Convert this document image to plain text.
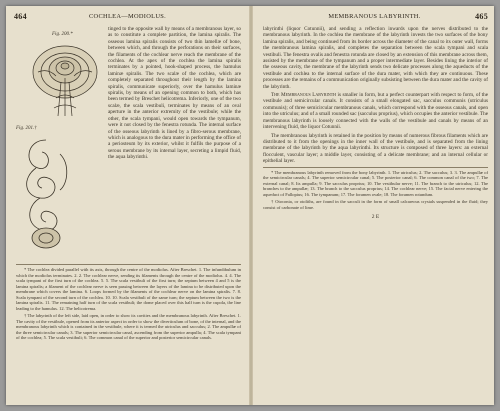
464	COCHLEA—MODIOLUS.
Fig. 200.*
Fig. 201.†

tinged to the opposite wall by means of a membranous layer, so as to constitute a complete partition, the lamina spiralis. The osseous lamina spiralis consists of two thin lamellæ of bone, between which, and through the perforations on their surfaces, the filaments of the cochlear nerve reach the membrane of the cochlea. At the apex of the cochlea the lamina spiralis terminates by a pointed, hook-shaped process, the hamulus laminæ spiralis. The two scalæ of the cochlea, which are completely separated throughout their length by the lamina spiralis, communicate superiorly, over the hamulus laminæ spiralis, by means of an opening common to both, which has been termed by Breschet helicotrema. Inferiorly, one of the two scalæ, the scala vestibuli, terminates by means of an oval aperture in the anterior extremity of the vestibule; while the other, the scala tympani, would open towards the tympanum, were it not closed by the fenestra rotunda. The internal surface of the osseous labyrinth is lined by a fibro-serous membrane, which is analogous to the dura mater in performing the office of a periosteum by its exterior, whilst it fulfils the purpose of a serous membrane by its internal layer, secreting a limpid fluid, the aqua labyrinthi.

* The cochlea divided parallel with its axis, through the centre of the modiolus. After Breschet. 1. The infundibulum in which the modiolus terminates. 2. 2. The cochlear nerve, sending its filaments through the centre of the modiolus. 4. 4. The scala tympani of the first turn of the cochlea. 5. 5. The scala vestibuli of the first turn; the septum between 4 and 5 is the lamina spiralis; a filament of the cochlear nerve is seen passing between the layers of the lamina to be distributed upon the membrane which covers the lamina. 6. Loops formed by the filaments of the cochlear nerve on the lamina spiralis. 7. 8. Scala tympani of the second turn of the cochlea. 10. 10. Scala vestibuli of the same turn; the septum between the two is the lamina spiralis. 11. The remaining half turn of the scala vestibuli; the dome placed over this half turn is the cupola, the line leading to the hamulus. 12. The helicotrema.

† The labyrinth of the left side, laid open, in order to show its cavities and the membranous labyrinth. After Breschet. 1. The cavity of the vestibule, opened from its anterior aspect in order to show the diverticulum of bone, of the internal, and the membranous labyrinth which is contained in the vestibule, where it is termed the utriculus and sacculus; 2. The ampullæ of the three semicircular canals; 3. The superior semicircular canal, ascending from the superior ampulla; 4. The scala tympani of the cochlea; 5. The scala vestibuli; 6. The common canal of the superior and posterior semicircular canals.

MEMBRANOUS LABYRINTH.	465

labyrinthi (liquor Cotunnii), and sending a reflection inwards upon the nerves distributed to the membranous labyrinth. In the cochlea the membrane of the labyrinth invests the two surfaces of the bony lamina spiralis, and being continued from its border across the diameter of the canal to its outer wall, forms the membranous lamina spiralis, and completes the separation between the scala tympani and scala vestibuli. The fenestra ovalis and fenestra rotunda are closed by an extension of this membrane across them, assisted by the membrane of the tympanum and a proper intermediate layer. Besides lining the interior of the osseous cavity, the membrane of the labyrinth sends two delicate processes along the aqueducts of the vestibule and cochlea to the internal surface of the dura mater, with which they are continuous. These processes are the remains of a communication originally subsisting between the dura mater and the cavity of the labyrinth.

The Membranous Labyrinth is smaller in form, but a perfect counterpart with respect to form, of the vestibule and semicircular canals. It consists of a small elongated sac, sacculus communis (utriculus communis); of three semicircular membranous canals, which correspond with the osseous canals, and open into the utriculus; and of a small rounded sac (sacculus proprius), which occupies the anterior vestibule. The membranous labyrinth is loosely connected with the walls of the vestibule and canals by means of an intervening fluid, the liquor Cotunnii.

The membranous labyrinth is retained in the position by means of numerous fibrous filaments which are distributed to it from the openings in the inner wall of the vestibule, and is separated from the lining membrane of the labyrinth by the aqua labyrinthi. Its structure is composed of three layers: an external flocculent, vascular layer; a middle layer, consisting of a delicate membrane; and an internal cellular or epithelial layer.

* The membranous labyrinth removed from the bony labyrinth. 1. The utriculus; 2. The sacculus; 3. 3. The ampullæ of the semicircular canals; 4. The superior semicircular canal; 5. The posterior canal; 6. The common canal of the two; 7. The external canal; 8. Its ampulla; 9. The sacculus proprius; 10. The vestibular nerve; 11. The branch to the utriculus; 12. The branches to the ampullæ; 13. The branch to the sacculus proprius; 14. The cochlear nerve; 15. The facial nerve entering the aqueduct of Fallopius; 16. The tympanum; 17. The foramen ovale; 18. The foramen rotundum.

† Otoconia, or otoliths, are found in the sacculi in the form of small calcareous crystals suspended in the fluid; they consist of carbonate of lime.

2 E
